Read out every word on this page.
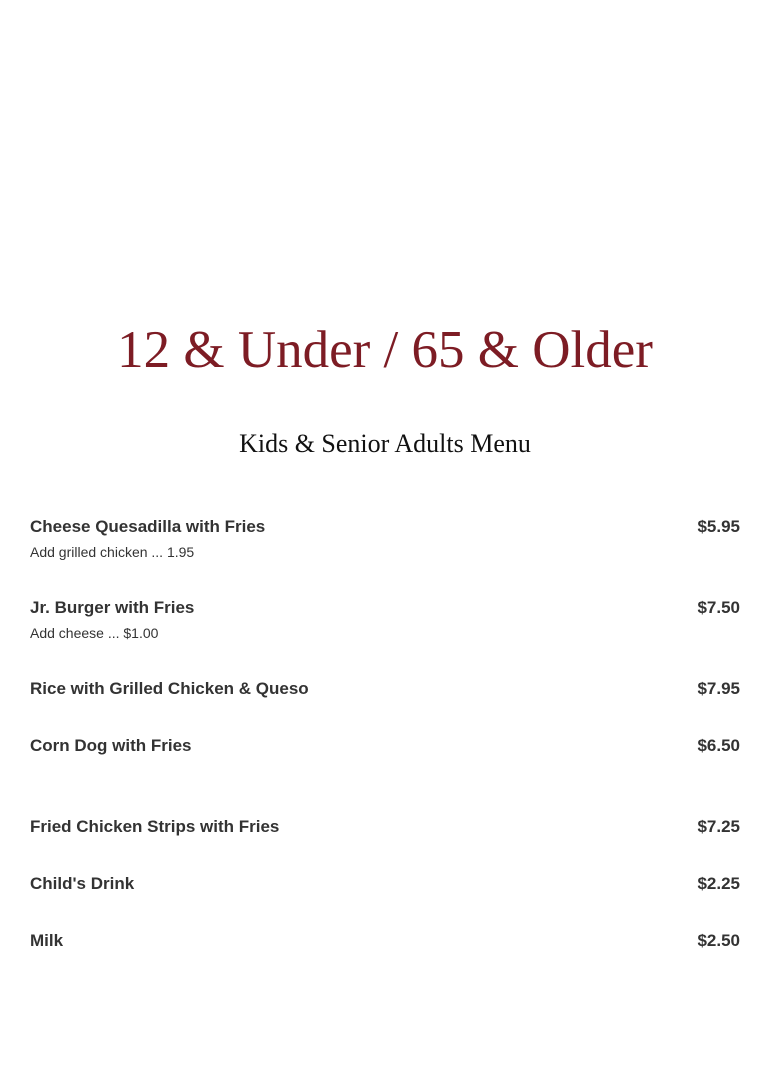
12 & Under / 65 & Older
Kids & Senior Adults Menu
Cheese Quesadilla with Fries	$5.95
Add grilled chicken ... 1.95
Jr. Burger with Fries	$7.50
Add cheese ... $1.00
Rice with Grilled Chicken & Queso	$7.95
Corn Dog with Fries	$6.50
Fried Chicken Strips with Fries	$7.25
Child's Drink	$2.25
Milk	$2.50
